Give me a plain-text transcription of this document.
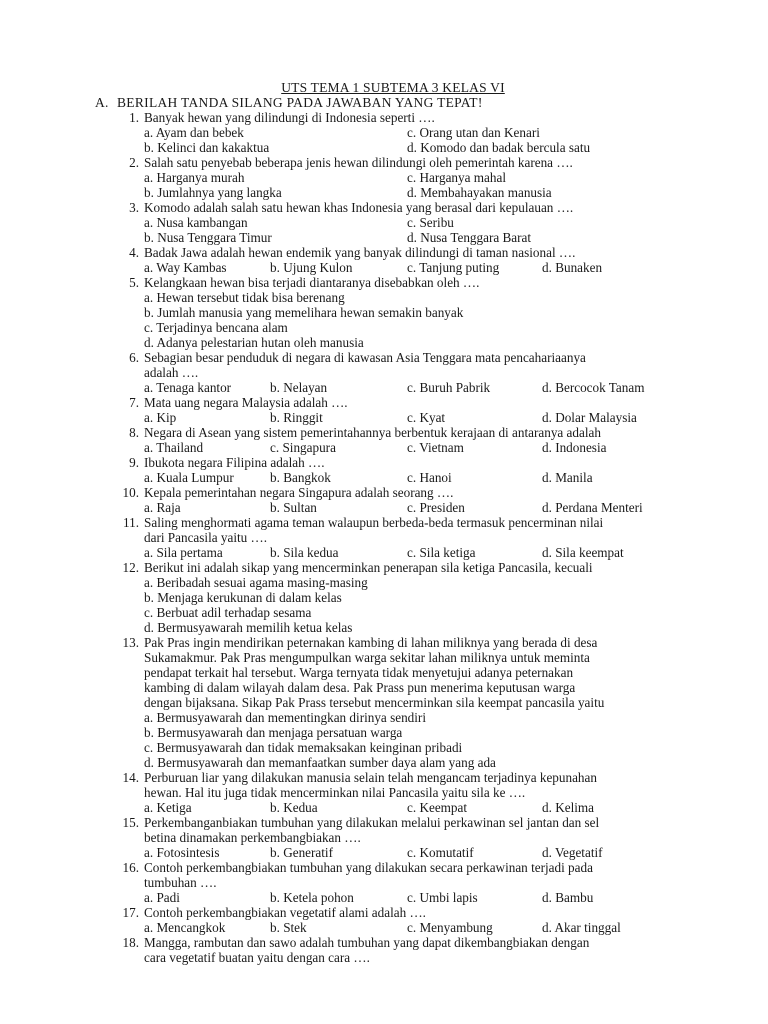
UTS TEMA 1 SUBTEMA 3 KELAS VI
A. BERILAH TANDA SILANG PADA JAWABAN YANG TEPAT!
1. Banyak hewan yang dilindungi di Indonesia seperti ….
a. Ayam dan bebek	c. Orang utan dan Kenari
b. Kelinci dan kakaktua	d. Komodo dan badak bercula satu
2. Salah satu penyebab beberapa jenis hewan dilindungi oleh pemerintah karena ….
a. Harganya murah	c. Harganya mahal
b. Jumlahnya yang langka	d. Membahayakan manusia
3. Komodo adalah salah satu hewan khas Indonesia yang berasal dari kepulauan ….
a. Nusa kambangan	c. Seribu
b. Nusa Tenggara Timur	d. Nusa Tenggara Barat
4. Badak Jawa adalah hewan endemik yang banyak dilindungi di taman nasional ….
a. Way Kambas	b. Ujung Kulon	c. Tanjung puting	d. Bunaken
5. Kelangkaan hewan bisa terjadi diantaranya disebabkan oleh ….
a. Hewan tersebut tidak bisa berenang
b. Jumlah manusia yang memelihara hewan semakin banyak
c. Terjadinya bencana alam
d. Adanya pelestarian hutan oleh manusia
6. Sebagian besar penduduk di negara di kawasan Asia Tenggara mata pencahariaanya
adalah ….
a. Tenaga kantor	b. Nelayan	c. Buruh Pabrik	d. Bercocok Tanam
7. Mata uang negara Malaysia adalah ….
a. Kip	b. Ringgit	c. Kyat	d. Dolar Malaysia
8. Negara di Asean yang sistem pemerintahannya berbentuk kerajaan di antaranya adalah
a. Thailand	c. Singapura	c. Vietnam	d. Indonesia
9. Ibukota negara Filipina adalah ….
a. Kuala Lumpur	b. Bangkok	c. Hanoi	d. Manila
10. Kepala pemerintahan negara Singapura adalah seorang ….
a. Raja	b. Sultan	c. Presiden	d. Perdana Menteri
11. Saling menghormati agama teman walaupun berbeda-beda termasuk pencerminan nilai
dari Pancasila yaitu ….
a. Sila pertama	b. Sila kedua	c. Sila ketiga	d. Sila keempat
12. Berikut ini adalah sikap yang mencerminkan penerapan sila ketiga Pancasila, kecuali
a. Beribadah sesuai agama masing-masing
b. Menjaga kerukunan di dalam kelas
c. Berbuat adil terhadap sesama
d. Bermusyawarah memilih ketua kelas
13. Pak Pras ingin mendirikan peternakan kambing di lahan miliknya yang berada di desa
Sukamakmur. Pak Pras mengumpulkan warga sekitar lahan miliknya untuk meminta
pendapat terkait hal tersebut. Warga ternyata tidak menyetujui adanya peternakan
kambing di dalam wilayah dalam desa. Pak Prass pun menerima keputusan warga
dengan bijaksana. Sikap Pak Prass tersebut mencerminkan sila keempat pancasila yaitu
a. Bermusyawarah dan mementingkan dirinya sendiri
b. Bermusyawarah dan menjaga persatuan warga
c. Bermusyawarah dan tidak memaksakan keinginan pribadi
d. Bermusyawarah dan memanfaatkan sumber daya alam yang ada
14. Perburuan liar yang dilakukan manusia selain telah mengancam terjadinya kepunahan
hewan. Hal itu juga tidak mencerminkan nilai Pancasila yaitu sila ke ….
a. Ketiga	b. Kedua	c. Keempat	d. Kelima
15. Perkembanganbiakan tumbuhan yang dilakukan melalui perkawinan sel jantan dan sel
betina dinamakan perkembangbiakan ….
a. Fotosintesis	b. Generatif	c. Komutatif	d. Vegetatif
16. Contoh perkembangbiakan tumbuhan yang dilakukan secara perkawinan terjadi pada
tumbuhan ….
a. Padi	b. Ketela pohon	c. Umbi lapis	d. Bambu
17. Contoh perkembangbiakan vegetatif alami adalah ….
a. Mencangkok	b. Stek	c. Menyambung	d. Akar tinggal
18. Mangga, rambutan dan sawo adalah tumbuhan yang dapat dikembangbiakan dengan
cara vegetatif buatan yaitu dengan cara ….
